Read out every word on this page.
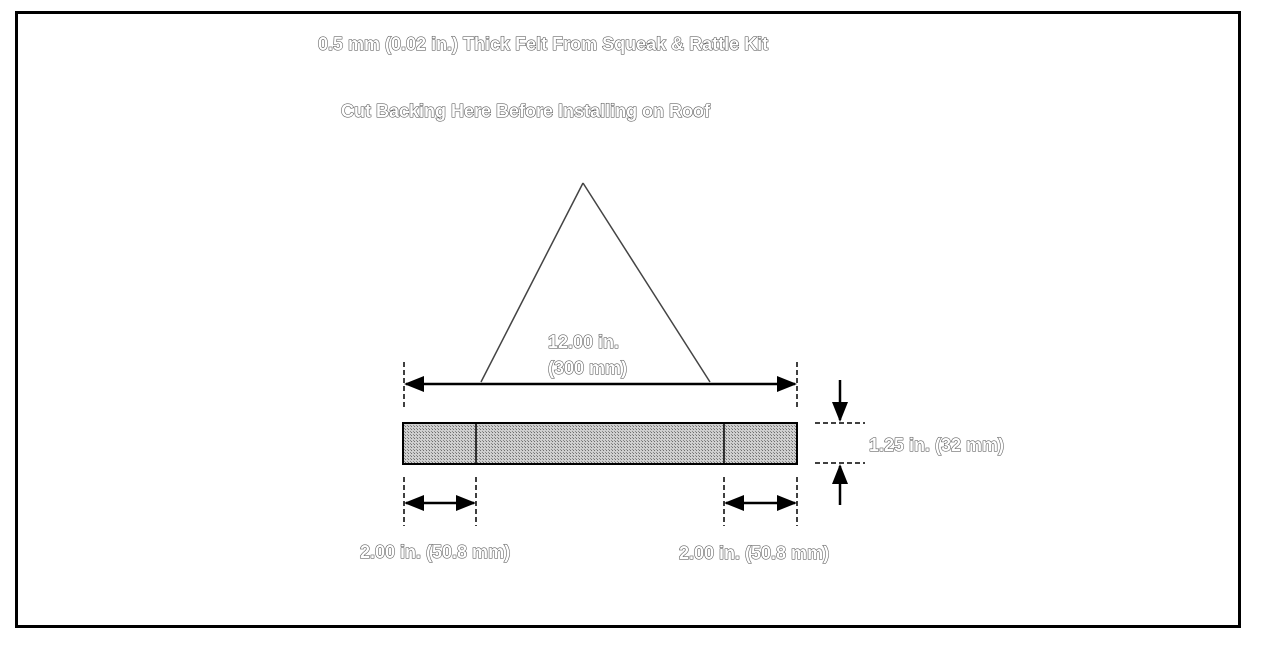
0.5 mm (0.02 in.) Thick Felt From Squeak & Rattle Kit
Cut Backing Here Before Installing on Roof
12.00 in.
(300 mm)
1.25 in. (32 mm)
2.00 in. (50.8 mm)	2.00 in. (50.8 mm)
